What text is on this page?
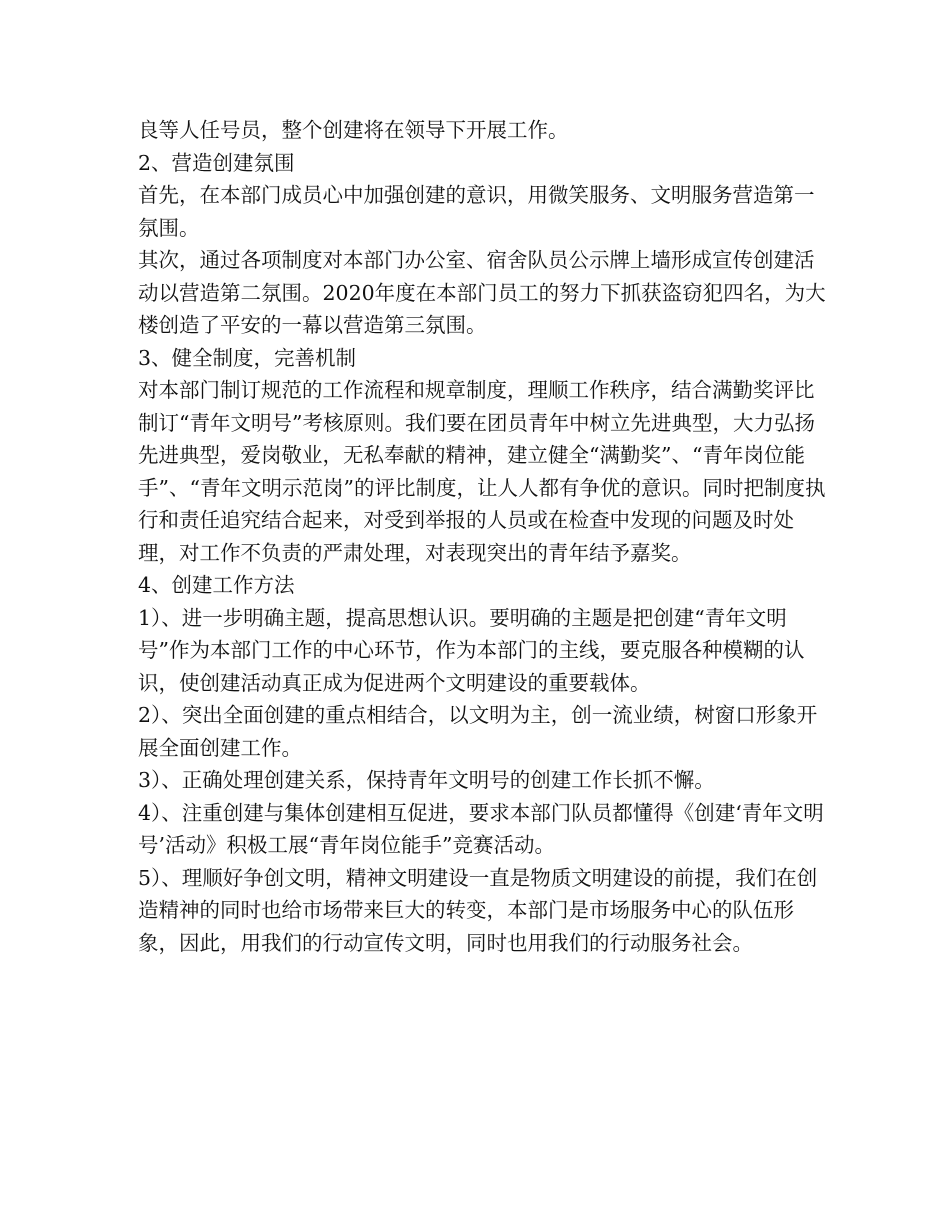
良等人任号员，整个创建将在领导下开展工作。

2、营造创建氛围

首先，在本部门成员心中加强创建的意识，用微笑服务、文明服务营造第一氛围。

其次，通过各项制度对本部门办公室、宿舍队员公示牌上墙形成宣传创建活动以营造第二氛围。2020年度在本部门员工的努力下抓获盗窃犯四名，为大楼创造了平安的一幕以营造第三氛围。

3、健全制度，完善机制

对本部门制订规范的工作流程和规章制度，理顺工作秩序，结合满勤奖评比制订“青年文明号”考核原则。我们要在团员青年中树立先进典型，大力弘扬先进典型，爱岗敬业，无私奉献的精神，建立健全“满勤奖”、“青年岗位能手”、“青年文明示范岗”的评比制度，让人人都有争优的意识。同时把制度执行和责任追究结合起来，对受到举报的人员或在检查中发现的问题及时处理，对工作不负责的严肃处理，对表现突出的青年结予嘉奖。

4、创建工作方法

1）、进一步明确主题，提高思想认识。要明确的主题是把创建“青年文明号”作为本部门工作的中心环节，作为本部门的主线，要克服各种模糊的认识，使创建活动真正成为促进两个文明建设的重要载体。

2）、突出全面创建的重点相结合，以文明为主，创一流业绩，树窗口形象开展全面创建工作。

3）、正确处理创建关系，保持青年文明号的创建工作长抓不懈。

4）、注重创建与集体创建相互促进，要求本部门队员都懂得《创建‘青年文明号’活动》积极工展“青年岗位能手”竞赛活动。

5）、理顺好争创文明，精神文明建设一直是物质文明建设的前提，我们在创造精神的同时也给市场带来巨大的转变，本部门是市场服务中心的队伍形象，因此，用我们的行动宣传文明，同时也用我们的行动服务社会。
